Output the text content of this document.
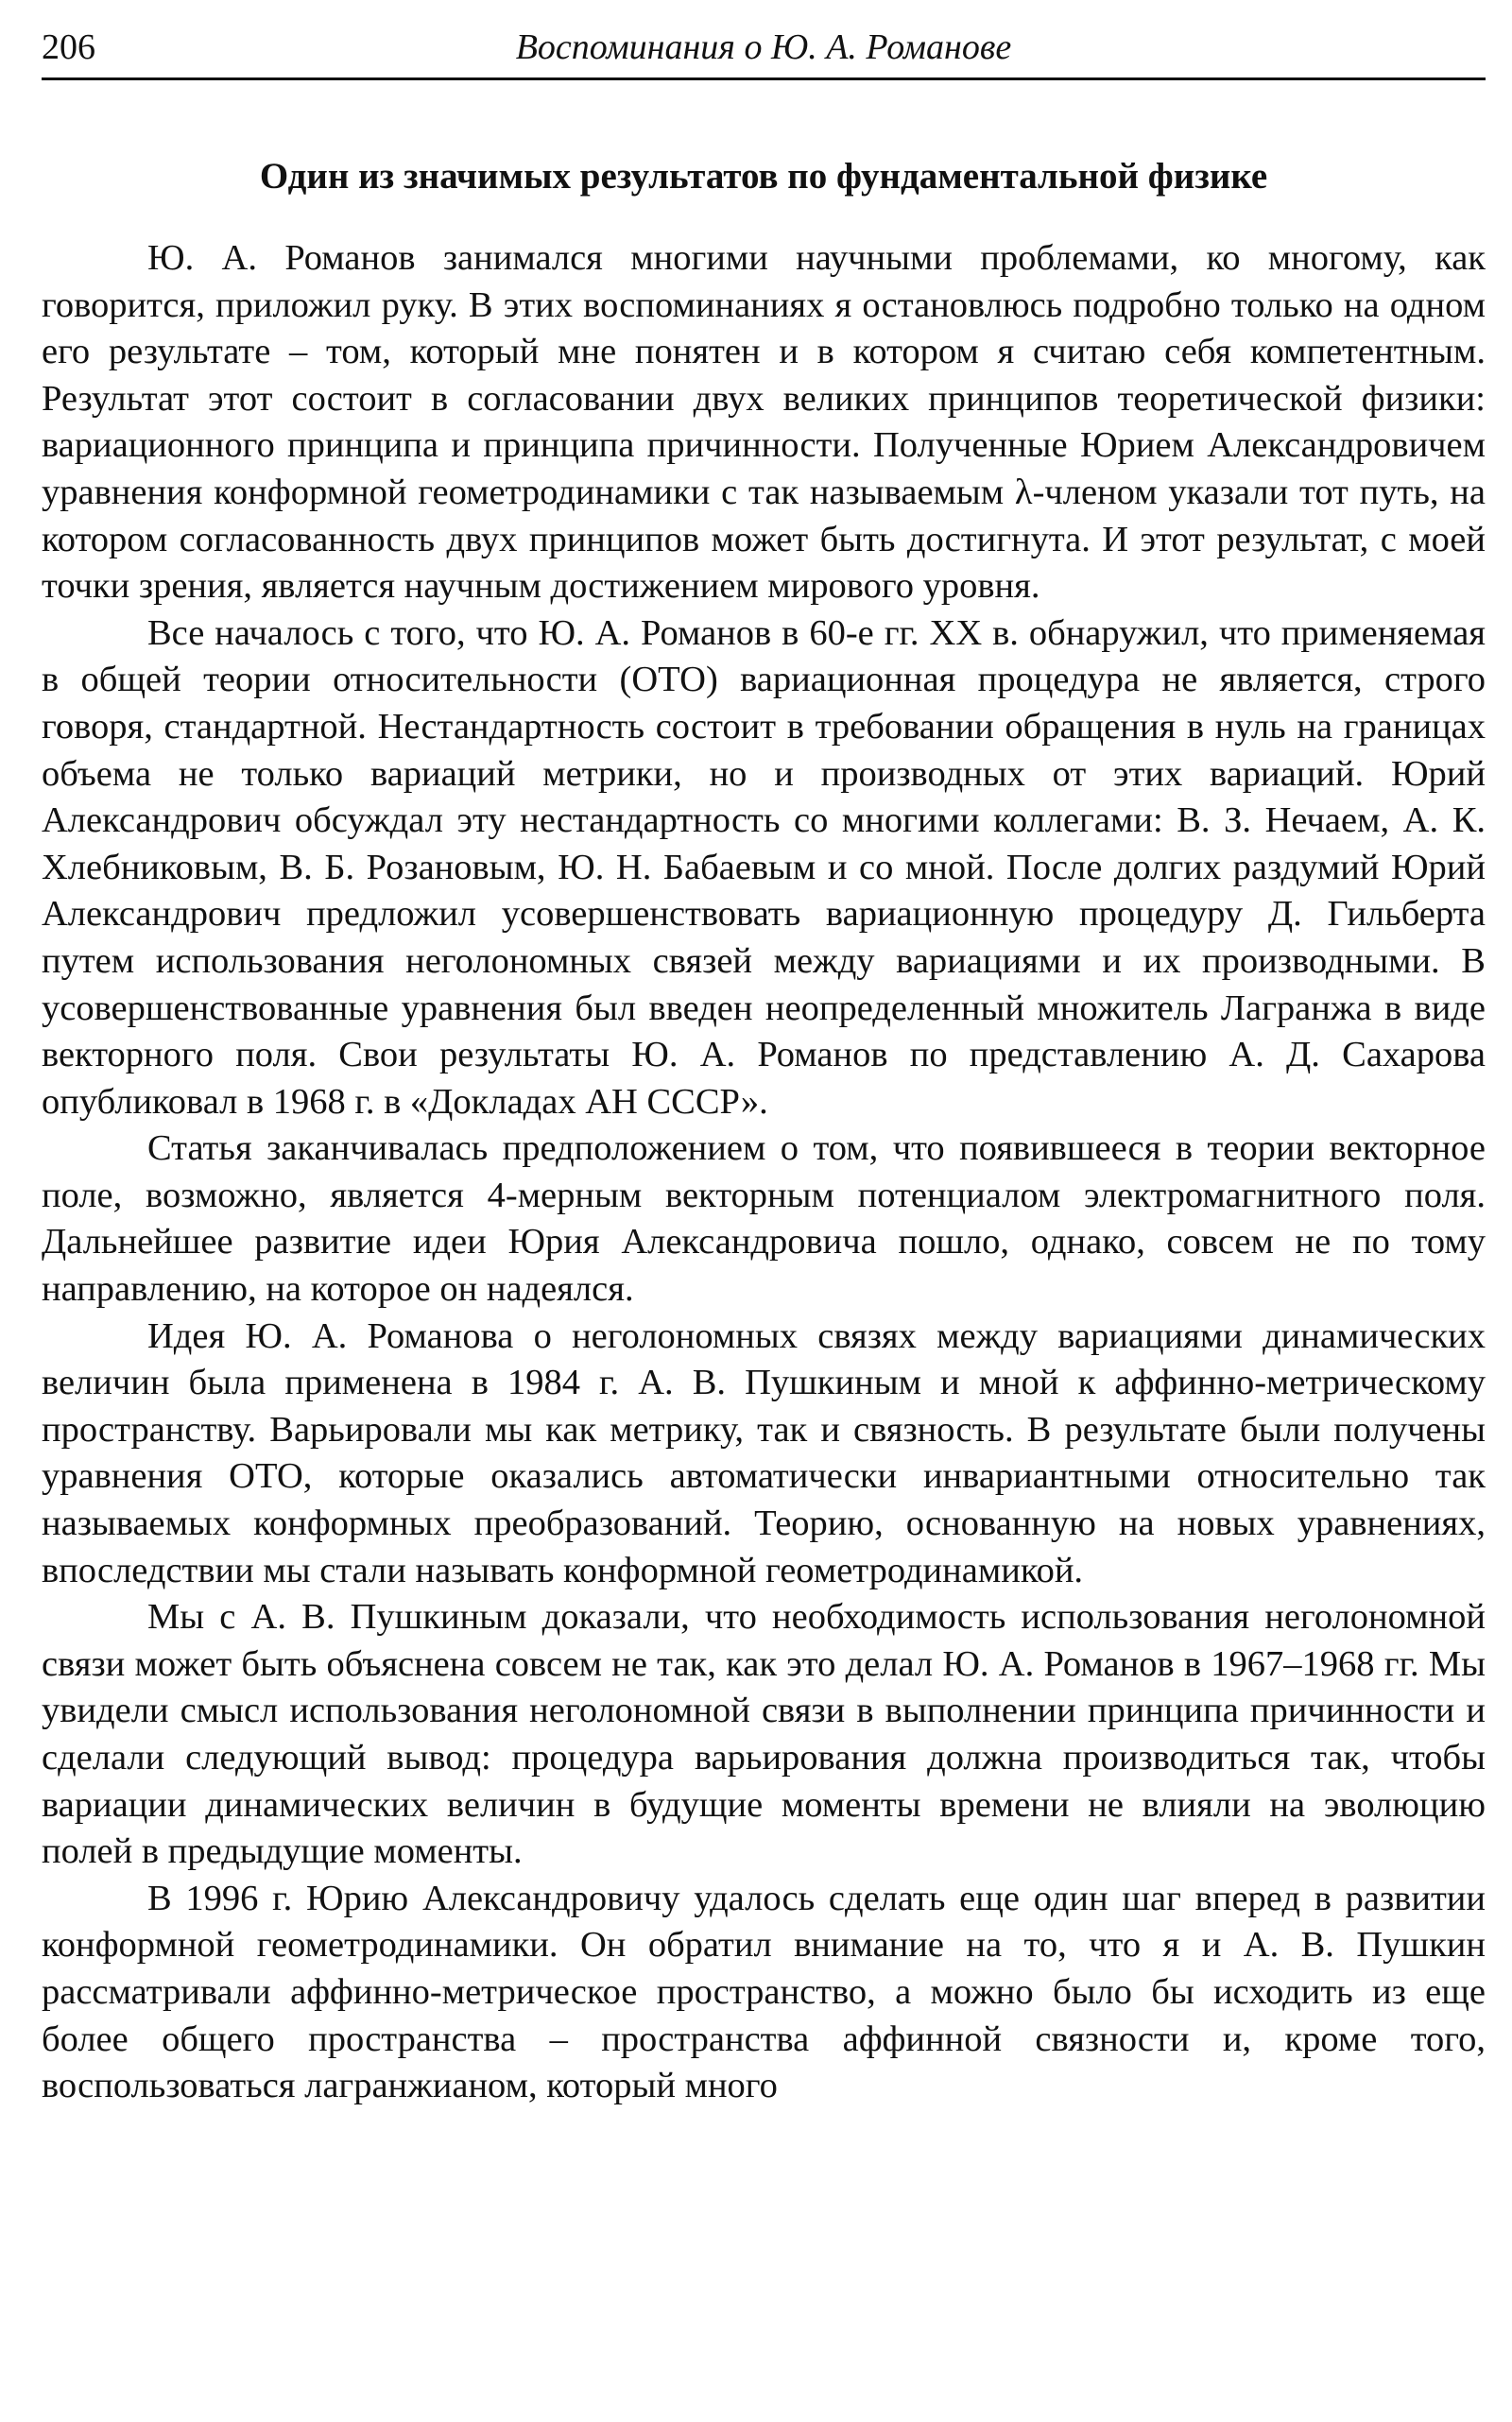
206	Воспоминания о Ю. А. Романове
Один из значимых результатов по фундаментальной физике

Ю. А. Романов занимался многими научными проблемами, ко многому, как говорится, приложил руку. В этих воспоминаниях я остановлюсь подробно только на одном его результате – том, который мне понятен и в котором я считаю себя компетентным. Результат этот состоит в согласовании двух великих принципов теоретической физики: вариационного принципа и принципа причинности. Полученные Юрием Александровичем уравнения конформной геометродинамики с так называемым λ-членом указали тот путь, на котором согласованность двух принципов может быть достигнута. И этот результат, с моей точки зрения, является научным достижением мирового уровня.

Все началось с того, что Ю. А. Романов в 60-е гг. XX в. обнаружил, что применяемая в общей теории относительности (ОТО) вариационная процедура не является, строго говоря, стандартной. Нестандартность состоит в требовании обращения в нуль на границах объема не только вариаций метрики, но и производных от этих вариаций. Юрий Александрович обсуждал эту нестандартность со многими коллегами: В. З. Нечаем, А. К. Хлебниковым, В. Б. Розановым, Ю. Н. Бабаевым и со мной. После долгих раздумий Юрий Александрович предложил усовершенствовать вариационную процедуру Д. Гильберта путем использования неголономных связей между вариациями и их производными. В усовершенствованные уравнения был введен неопределенный множитель Лагранжа в виде векторного поля. Свои результаты Ю. А. Романов по представлению А. Д. Сахарова опубликовал в 1968 г. в «Докладах АН СССР».

Статья заканчивалась предположением о том, что появившееся в теории векторное поле, возможно, является 4-мерным векторным потенциалом электромагнитного поля. Дальнейшее развитие идеи Юрия Александровича пошло, однако, совсем не по тому направлению, на которое он надеялся.

Идея Ю. А. Романова о неголономных связях между вариациями динамических величин была применена в 1984 г. А. В. Пушкиным и мной к аффинно-метрическому пространству. Варьировали мы как метрику, так и связность. В результате были получены уравнения ОТО, которые оказались автоматически инвариантными относительно так называемых конформных преобразований. Теорию, основанную на новых уравнениях, впоследствии мы стали называть конформной геометродинамикой.

Мы с А. В. Пушкиным доказали, что необходимость использования неголономной связи может быть объяснена совсем не так, как это делал Ю. А. Романов в 1967–1968 гг. Мы увидели смысл использования неголономной связи в выполнении принципа причинности и сделали следующий вывод: процедура варьирования должна производиться так, чтобы вариации динамических величин в будущие моменты времени не влияли на эволюцию полей в предыдущие моменты.

В 1996 г. Юрию Александровичу удалось сделать еще один шаг вперед в развитии конформной геометродинамики. Он обратил внимание на то, что я и А. В. Пушкин рассматривали аффинно-метрическое пространство, а можно было бы исходить из еще более общего пространства – пространства аффинной связности и, кроме того, воспользоваться лагранжианом, который много
